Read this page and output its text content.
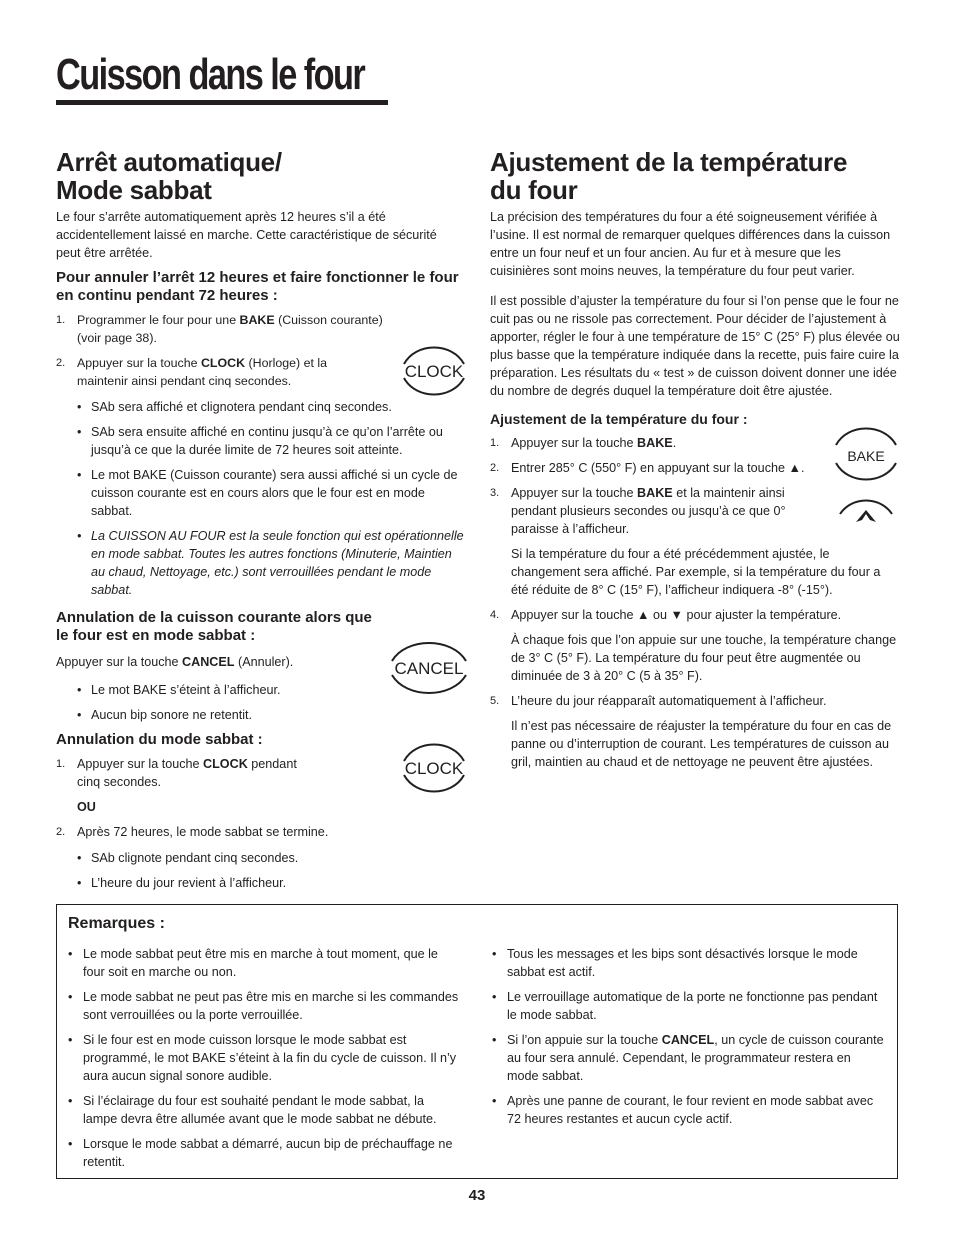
Cuisson dans le four
Arrêt automatique/
Mode sabbat

Le four s’arrête automatiquement après 12 heures s’il a été accidentellement laissé en marche. Cette caractéristique de sécurité peut être arrêtée.

Pour annuler l’arrêt 12 heures et faire fonctionner le four en continu pendant 72 heures :
1. Programmer le four pour une BAKE (Cuisson courante)
(voir page 38).
2. Appuyer sur la touche CLOCK (Horloge) et la maintenir ainsi pendant cinq secondes.
• SAb sera affiché et clignotera pendant cinq secondes.
• SAb sera ensuite affiché en continu jusqu’à ce qu’on l’arrête ou jusqu’à ce que la durée limite de 72 heures soit atteinte.
• Le mot BAKE (Cuisson courante) sera aussi affiché si un cycle de cuisson courante est en cours alors que le four est en mode sabbat.
• La CUISSON AU FOUR est la seule fonction qui est opérationnelle en mode sabbat. Toutes les autres fonctions (Minuterie, Maintien au chaud, Nettoyage, etc.) sont verrouillées pendant le mode sabbat.
Annulation de la cuisson courante alors que le four est en mode sabbat :

Appuyer sur la touche CANCEL (Annuler).

• Le mot BAKE s’éteint à l’afficheur.
• Aucun bip sonore ne retentit.
Annulation du mode sabbat :
1. Appuyer sur la touche CLOCK pendant
cinq secondes.
OU
2. Après 72 heures, le mode sabbat se termine.
• SAb clignote pendant cinq secondes.
• L’heure du jour revient à l’afficheur.
CLOCK
CANCEL
CLOCK
BAKE
Ajustement de la température
du four

La précision des températures du four a été soigneusement vérifiée à l’usine. Il est normal de remarquer quelques différences dans la cuisson entre un four neuf et un four ancien. Au fur et à mesure que les cuisinières sont moins neuves, la température du four peut varier.

Il est possible d’ajuster la température du four si l’on pense que le four ne cuit pas ou ne rissole pas correctement. Pour décider de l’ajustement à apporter, régler le four à une température de 15° C (25° F) plus élevée ou plus basse que la température indiquée dans la recette, puis faire cuire la préparation. Les résultats du « test » de cuisson doivent donner une idée du nombre de degrés duquel la température doit être ajustée.

Ajustement de la température du four :
1. Appuyer sur la touche BAKE.
2. Entrer 285° C (550° F) en appuyant sur la touche ▲.
3. Appuyer sur la touche BAKE et la maintenir ainsi pendant plusieurs secondes ou jusqu’à ce que 0° paraisse à l’afficheur.
Si la température du four a été précédemment ajustée, le changement sera affiché. Par exemple, si la température du four a été réduite de 8° C (15° F), l’afficheur indiquera -8° (-15°).
4. Appuyer sur la touche ▲ ou ▼ pour ajuster la température.
À chaque fois que l’on appuie sur une touche, la température change de 3° C (5° F). La température du four peut être augmentée ou diminuée de 3 à 20° C (5 à 35° F).
5. L’heure du jour réapparaît automatiquement à l’afficheur.
Il n’est pas nécessaire de réajuster la température du four en cas de panne ou d’interruption de courant. Les températures de cuisson au gril, maintien au chaud et de nettoyage ne peuvent être ajustées.
Remarques :
• Le mode sabbat peut être mis en marche à tout moment, que le four soit en marche ou non.
• Le mode sabbat ne peut pas être mis en marche si les commandes sont verrouillées ou la porte verrouillée.
• Si le four est en mode cuisson lorsque le mode sabbat est programmé, le mot BAKE s’éteint à la fin du cycle de cuisson. Il n’y aura aucun signal sonore audible.
• Si l’éclairage du four est souhaité pendant le mode sabbat, la lampe devra être allumée avant que le mode sabbat ne débute.
• Lorsque le mode sabbat a démarré, aucun bip de préchauffage ne retentit.
• Tous les messages et les bips sont désactivés lorsque le mode sabbat est actif.
• Le verrouillage automatique de la porte ne fonctionne pas pendant le mode sabbat.
• Si l’on appuie sur la touche CANCEL, un cycle de cuisson courante au four sera annulé. Cependant, le programmateur restera en mode sabbat.
• Après une panne de courant, le four revient en mode sabbat avec 72 heures restantes et aucun cycle actif.
43
